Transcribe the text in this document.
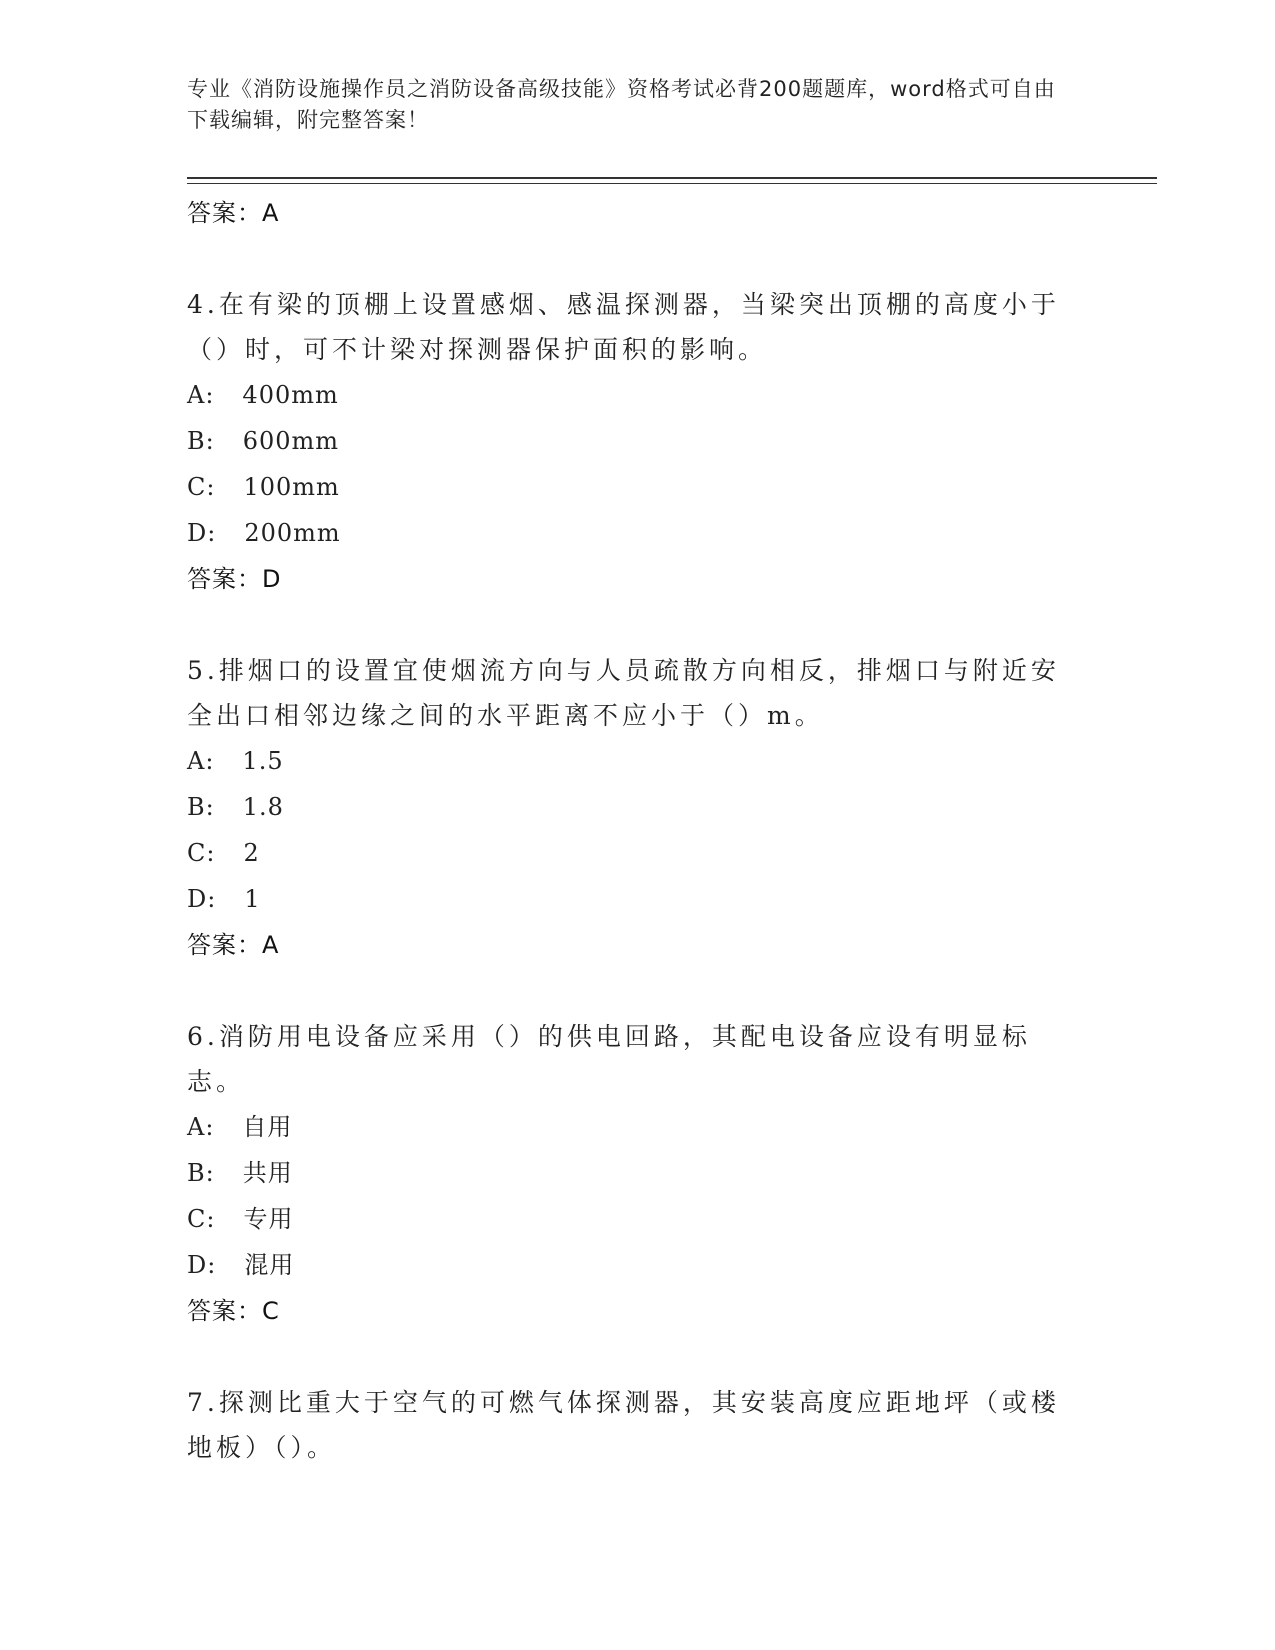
专业《消防设施操作员之消防设备高级技能》资格考试必背200题题库，word格式可自由下载编辑，附完整答案！
答案：A
4.在有梁的顶棚上设置感烟、感温探测器，当梁突出顶棚的高度小于（）时，可不计梁对探测器保护面积的影响。
A: 400mm
B: 600mm
C: 100mm
D: 200mm
答案：D
5.排烟口的设置宜使烟流方向与人员疏散方向相反，排烟口与附近安全出口相邻边缘之间的水平距离不应小于（）m。
A: 1.5
B: 1.8
C: 2
D: 1
答案：A
6.消防用电设备应采用（）的供电回路，其配电设备应设有明显标志。
A: 自用
B: 共用
C: 专用
D: 混用
答案：C
7.探测比重大于空气的可燃气体探测器，其安装高度应距地坪（或楼地板）（）。
